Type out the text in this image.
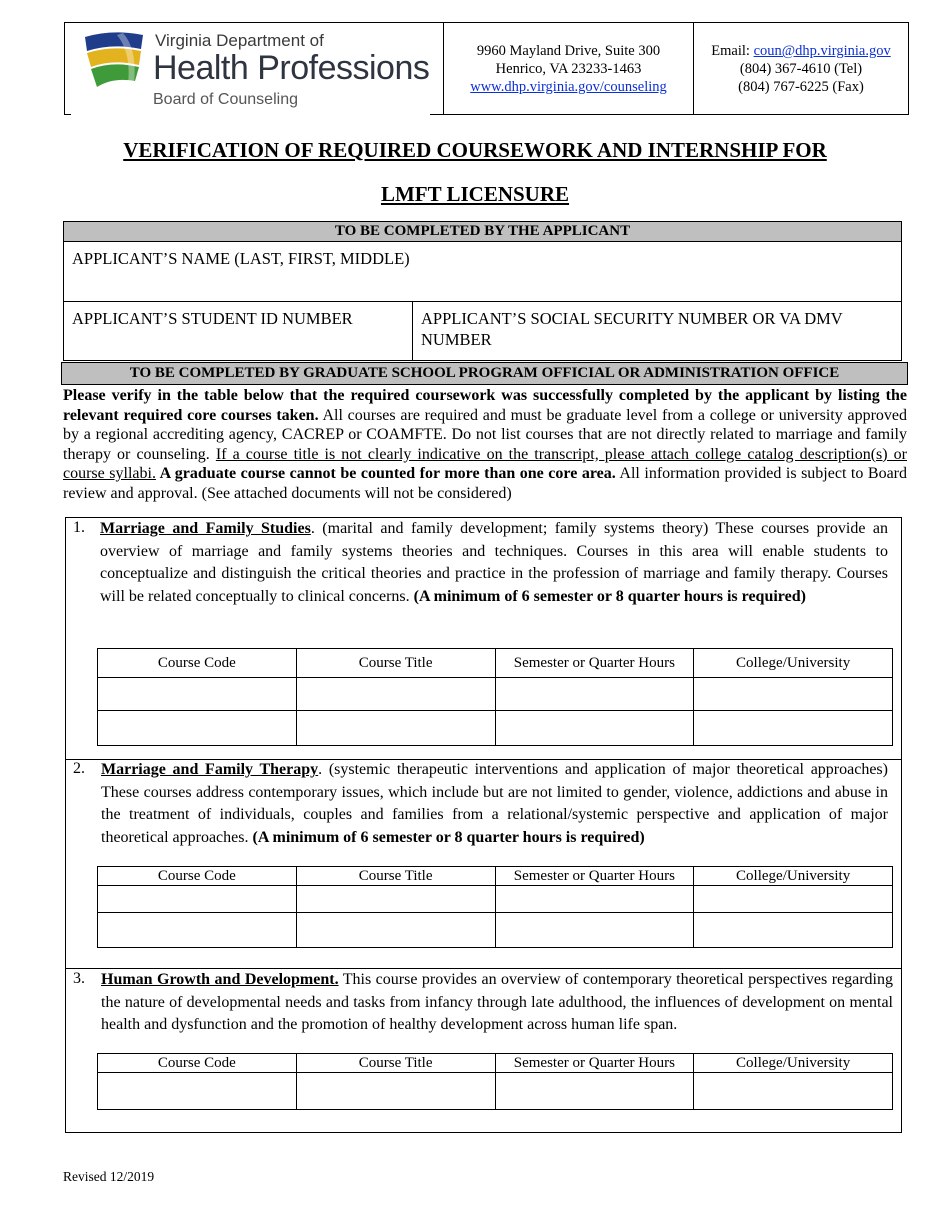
Virginia Department of
Health Professions
Board of Counseling
9960 Mayland Drive, Suite 300
Henrico, VA 23233-1463
www.dhp.virginia.gov/counseling
Email: coun@dhp.virginia.gov
(804) 367-4610 (Tel)
(804) 767-6225 (Fax)
VERIFICATION OF REQUIRED COURSEWORK AND INTERNSHIP FOR
LMFT LICENSURE
TO BE COMPLETED BY THE APPLICANT
APPLICANT’S NAME (LAST, FIRST, MIDDLE)
APPLICANT’S STUDENT ID NUMBER	APPLICANT’S SOCIAL SECURITY NUMBER OR VA DMV NUMBER
TO BE COMPLETED BY GRADUATE SCHOOL PROGRAM OFFICIAL OR ADMINISTRATION OFFICE
Please verify in the table below that the required coursework was successfully completed by the applicant by listing the relevant required core courses taken. All courses are required and must be graduate level from a college or university approved by a regional accrediting agency, CACREP or COAMFTE. Do not list courses that are not directly related to marriage and family therapy or counseling. If a course title is not clearly indicative on the transcript, please attach college catalog description(s) or course syllabi. A graduate course cannot be counted for more than one core area. All information provided is subject to Board review and approval. (See attached documents will not be considered)
1. Marriage and Family Studies. (marital and family development; family systems theory) These courses provide an overview of marriage and family systems theories and techniques. Courses in this area will enable students to conceptualize and distinguish the critical theories and practice in the profession of marriage and family therapy. Courses will be related conceptually to clinical concerns. (A minimum of 6 semester or 8 quarter hours is required)
Course Code	Course Title	Semester or Quarter Hours	College/University

2. Marriage and Family Therapy. (systemic therapeutic interventions and application of major theoretical approaches) These courses address contemporary issues, which include but are not limited to gender, violence, addictions and abuse in the treatment of individuals, couples and families from a relational/systemic perspective and application of major theoretical approaches. (A minimum of 6 semester or 8 quarter hours is required)
Course Code	Course Title	Semester or Quarter Hours	College/University

3. Human Growth and Development. This course provides an overview of contemporary theoretical perspectives regarding the nature of developmental needs and tasks from infancy through late adulthood, the influences of development on mental health and dysfunction and the promotion of healthy development across human life span.
Course Code	Course Title	Semester or Quarter Hours	College/University

Revised 12/2019
